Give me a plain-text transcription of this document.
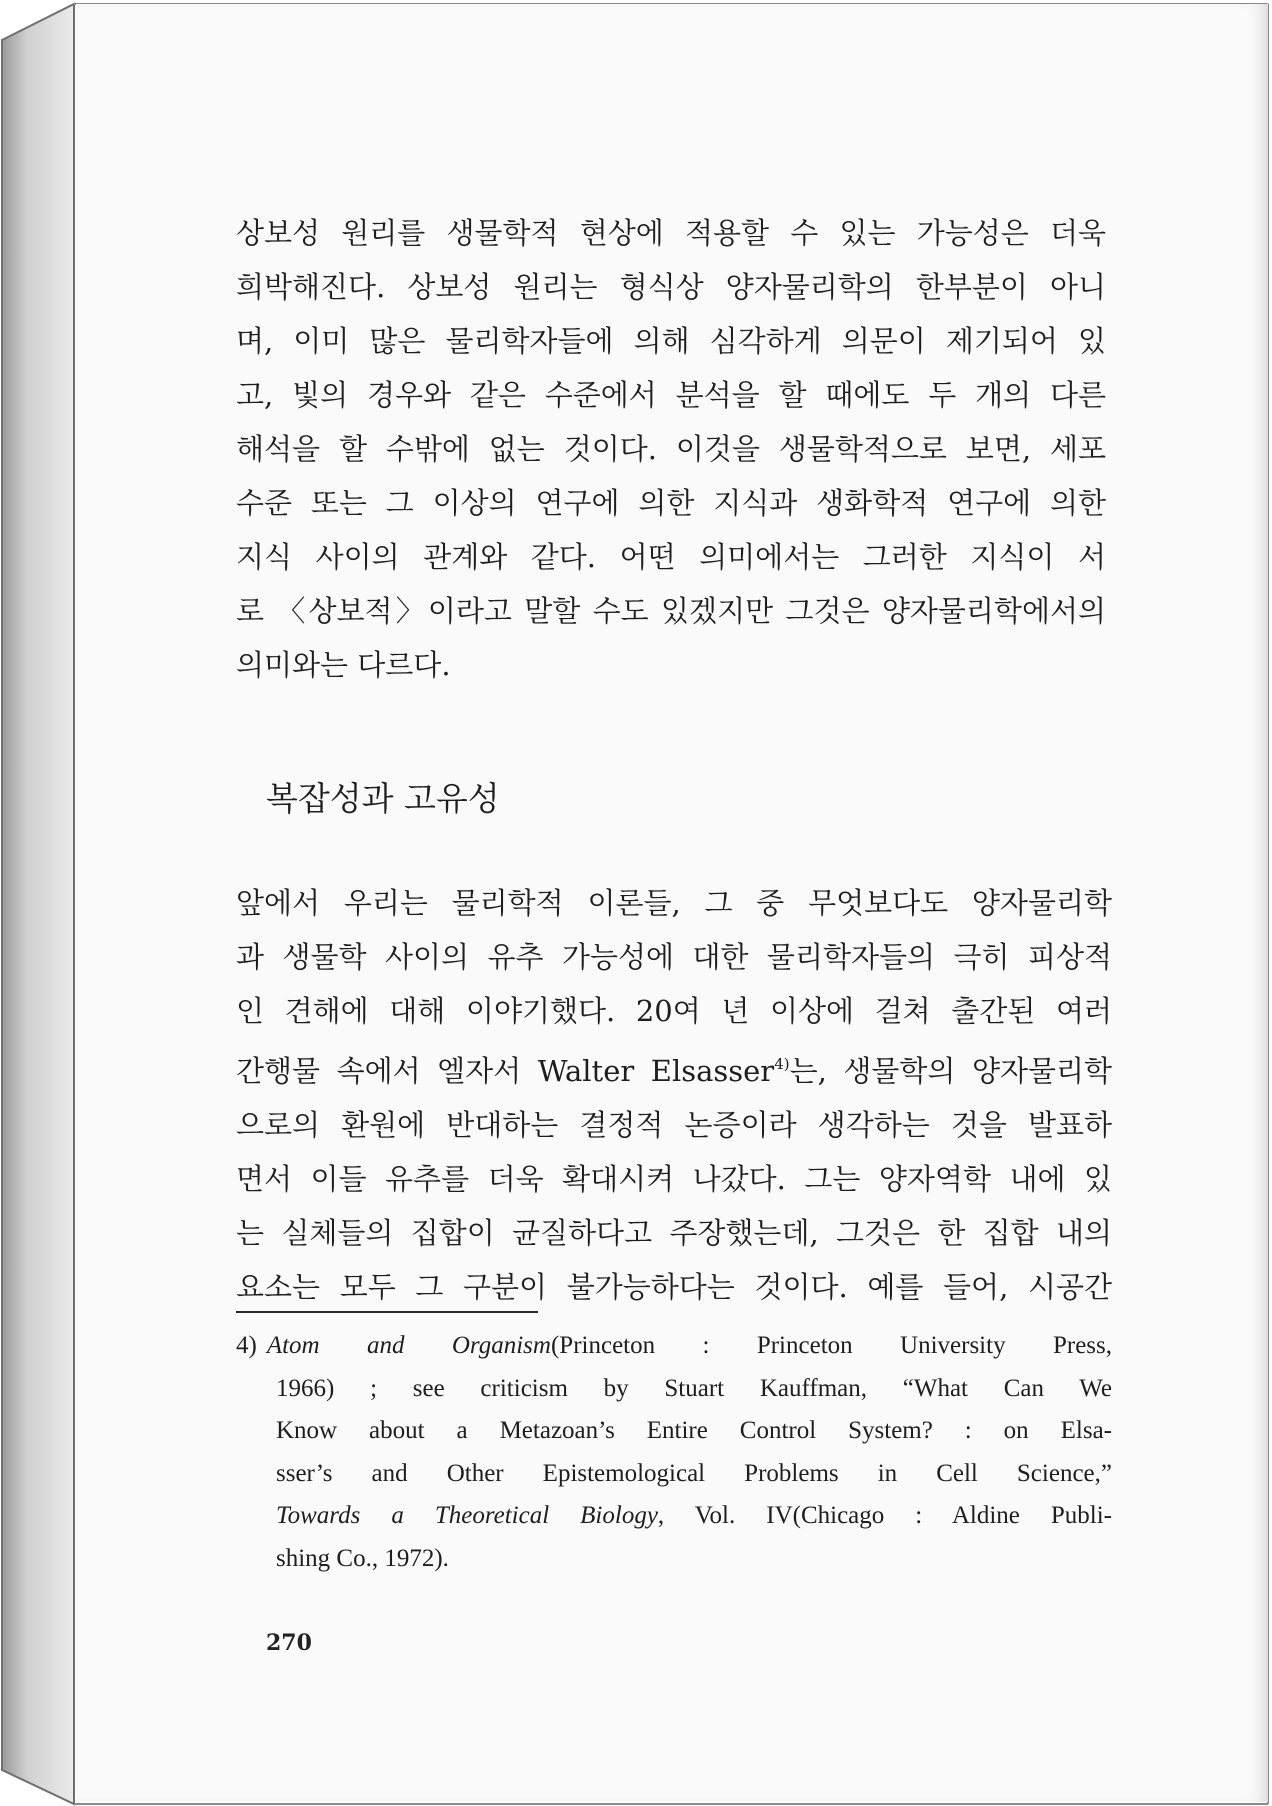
상보성 원리를 생물학적 현상에 적용할 수 있는 가능성은 더욱
희박해진다. 상보성 원리는 형식상 양자물리학의 한부분이 아니
며, 이미 많은 물리학자들에 의해 심각하게 의문이 제기되어 있
고, 빛의 경우와 같은 수준에서 분석을 할 때에도 두 개의 다른
해석을 할 수밖에 없는 것이다. 이것을 생물학적으로 보면, 세포
수준 또는 그 이상의 연구에 의한 지식과 생화학적 연구에 의한
지식 사이의 관계와 같다. 어떤 의미에서는 그러한 지식이 서
로 〈상보적〉이라고 말할 수도 있겠지만 그것은 양자물리학에서의
의미와는 다르다.
복잡성과 고유성
앞에서 우리는 물리학적 이론들, 그 중 무엇보다도 양자물리학
과 생물학 사이의 유추 가능성에 대한 물리학자들의 극히 피상적
인 견해에 대해 이야기했다. 20여 년 이상에 걸쳐 출간된 여러
간행물 속에서 엘자서 Walter Elsasser$^{4)}$는, 생물학의 양자물리학
으로의 환원에 반대하는 결정적 논증이라 생각하는 것을 발표하
면서 이들 유추를 더욱 확대시켜 나갔다. 그는 양자역학 내에 있
는 실체들의 집합이 균질하다고 주장했는데, 그것은 한 집합 내의
요소는 모두 그 구분이 불가능하다는 것이다. 예를 들어, 시공간
4) Atom and Organism(Princeton : Princeton University Press,
1966) ; see criticism by Stuart Kauffman, “What Can We
Know about a Metazoan’s Entire Control System? : on Elsa-
sser’s and Other Epistemological Problems in Cell Science,”
Towards a Theoretical Biology, Vol. IV(Chicago : Aldine Publi-
shing Co., 1972).
270
